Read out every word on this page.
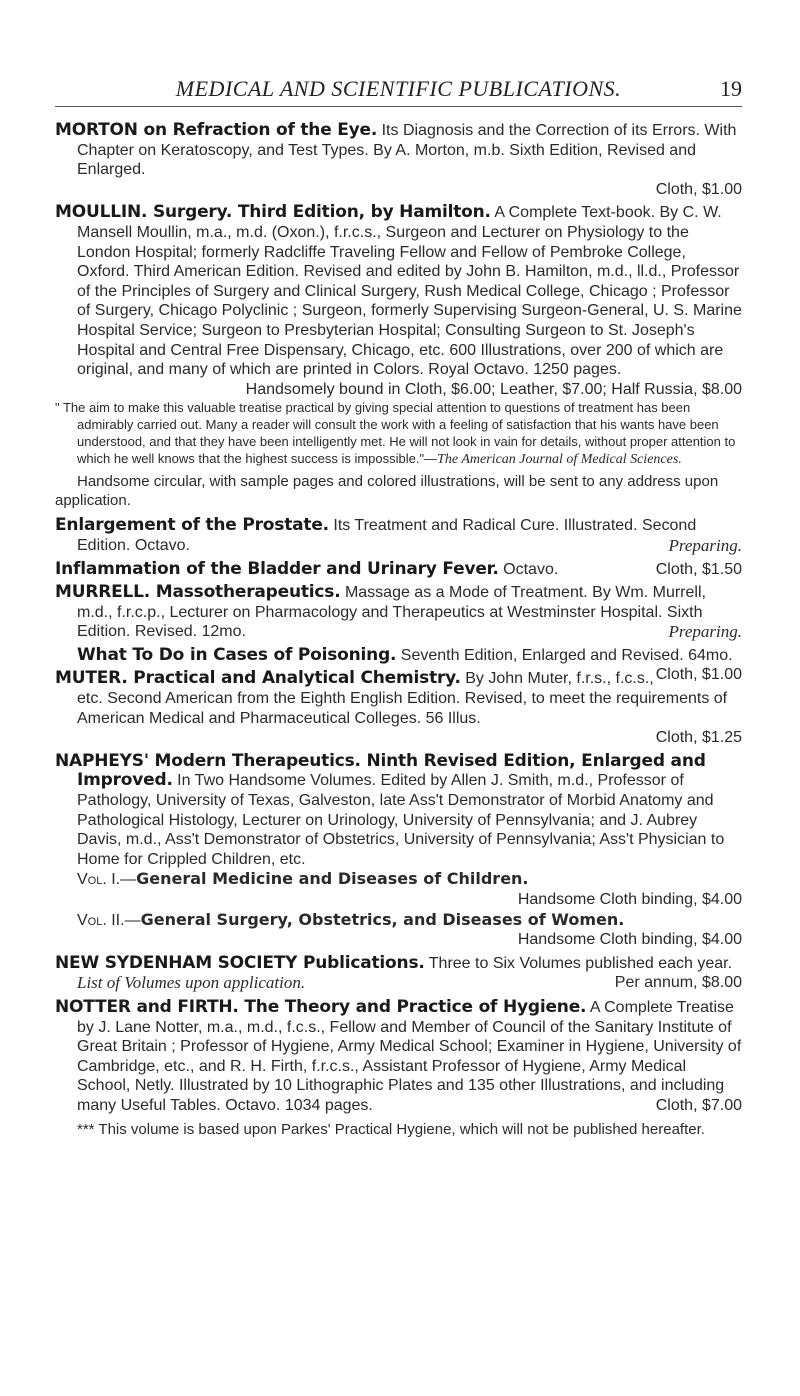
MEDICAL AND SCIENTIFIC PUBLICATIONS.	19

MORTON on Refraction of the Eye. Its Diagnosis and the Correction of its Errors. With Chapter on Keratoscopy, and Test Types. By A. Morton, m.b. Sixth Edition, Revised and Enlarged.

Cloth, $1.00

MOULLIN. Surgery. Third Edition, by Hamilton. A Complete Text-book. By C. W. Mansell Moullin, m.a., m.d. (Oxon.), f.r.c.s., Surgeon and Lecturer on Physiology to the London Hospital; formerly Radcliffe Traveling Fellow and Fellow of Pembroke College, Oxford. Third American Edition. Revised and edited by John B. Hamilton, m.d., ll.d., Professor of the Principles of Surgery and Clinical Surgery, Rush Medical College, Chicago ; Professor of Surgery, Chicago Polyclinic ; Surgeon, formerly Supervising Surgeon-General, U. S. Marine Hospital Service; Surgeon to Presbyterian Hospital; Consulting Surgeon to St. Joseph's Hospital and Central Free Dispensary, Chicago, etc. 600 Illustrations, over 200 of which are original, and many of which are printed in Colors. Royal Octavo. 1250 pages.

Handsomely bound in Cloth, $6.00; Leather, $7.00; Half Russia, $8.00

" The aim to make this valuable treatise practical by giving special attention to questions of treatment has been admirably carried out. Many a reader will consult the work with a feeling of satisfaction that his wants have been understood, and that they have been intelligently met. He will not look in vain for details, without proper attention to which he well knows that the highest success is impossible."—The American Journal of Medical Sciences.

Handsome circular, with sample pages and colored illustrations, will be sent to any address upon application.

Enlargement of the Prostate. Its Treatment and Radical Cure. Illustrated. Second Edition. Octavo.	Preparing.

Inflammation of the Bladder and Urinary Fever. Octavo.	Cloth, $1.50

MURRELL. Massotherapeutics. Massage as a Mode of Treatment. By Wm. Murrell, m.d., f.r.c.p., Lecturer on Pharmacology and Therapeutics at Westminster Hospital. Sixth Edition. Revised. 12mo.	Preparing.

What To Do in Cases of Poisoning. Seventh Edition, Enlarged and Revised. 64mo.
Cloth, $1.00

MUTER. Practical and Analytical Chemistry. By John Muter, f.r.s., f.c.s., etc. Second American from the Eighth English Edition. Revised, to meet the requirements of American Medical and Pharmaceutical Colleges. 56 Illus.

Cloth, $1.25

NAPHEYS' Modern Therapeutics. Ninth Revised Edition, Enlarged and Improved. In Two Handsome Volumes. Edited by Allen J. Smith, m.d., Professor of Pathology, University of Texas, Galveston, late Ass't Demonstrator of Morbid Anatomy and Pathological Histology, Lecturer on Urinology, University of Pennsylvania; and J. Aubrey Davis, m.d., Ass't Demonstrator of Obstetrics, University of Pennsylvania; Ass't Physician to Home for Crippled Children, etc.

Vol. I.—General Medicine and Diseases of Children.
Handsome Cloth binding, $4.00
Vol. II.—General Surgery, Obstetrics, and Diseases of Women.
Handsome Cloth binding, $4.00

NEW SYDENHAM SOCIETY Publications. Three to Six Volumes published each year. List of Volumes upon application.	Per annum, $8.00

NOTTER and FIRTH. The Theory and Practice of Hygiene. A Complete Treatise by J. Lane Notter, m.a., m.d., f.c.s., Fellow and Member of Council of the Sanitary Institute of Great Britain ; Professor of Hygiene, Army Medical School; Examiner in Hygiene, University of Cambridge, etc., and R. H. Firth, f.r.c.s., Assistant Professor of Hygiene, Army Medical School, Netly. Illustrated by 10 Lithographic Plates and 135 other Illustrations, and including many Useful Tables. Octavo. 1034 pages.	Cloth, $7.00

*** This volume is based upon Parkes' Practical Hygiene, which will not be published hereafter.
